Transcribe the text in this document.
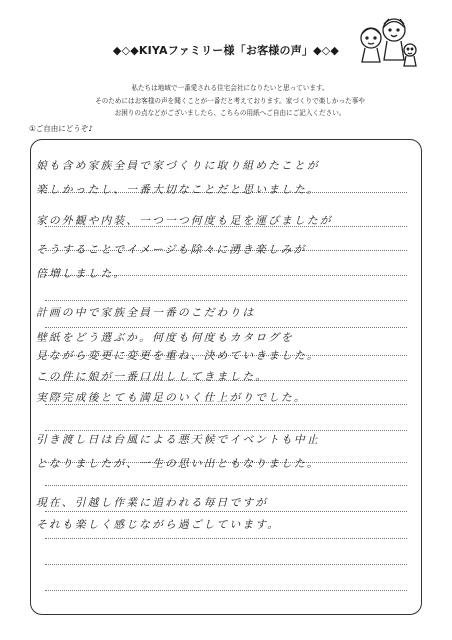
◆◇◆KIYAファミリー様「お客様の声」◆◇◆
私たちは地域で一番愛される住宅会社になりたいと思っています。
そのためにはお客様の声を聞くことが一番だと考えております。家づくりで楽しかった事や
お困りの点などがございましたら、こちらの用紙へご自由にご記入ください。
①ご自由にどうぞ♪
娘も含め家族全員で家づくりに取り組めたことが
楽しかったし、一番大切なことだと思いました。
家の外観や内装、一つ一つ何度も足を運びましたが
そうすることでイメージも除々に湧き楽しみが
倍増しました。
計画の中で家族全員一番のこだわりは
壁紙をどう選ぶか。何度も何度もカタログを
見ながら変更に変更を重ね、決めていきました。
この件に娘が一番口出ししてきました。
実際完成後とても満足のいく仕上がりでした。
引き渡し日は台風による悪天候でイベントも中止
となりましたが、一生の思い出ともなりました。
現在、引越し作業に追われる毎日ですが
それも楽しく感じながら過ごしています。
